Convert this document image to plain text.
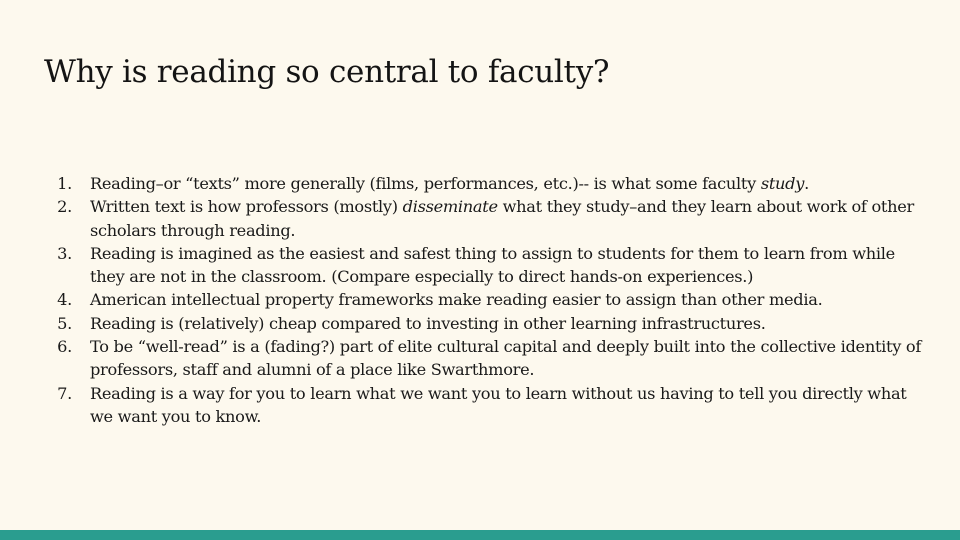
Why is reading so central to faculty?
1. Reading–or “texts” more generally (films, performances, etc.)-- is what some faculty study.
2. Written text is how professors (mostly) disseminate what they study–and they learn about work of other scholars through reading.
3. Reading is imagined as the easiest and safest thing to assign to students for them to learn from while they are not in the classroom. (Compare especially to direct hands-on experiences.)
4. American intellectual property frameworks make reading easier to assign than other media.
5. Reading is (relatively) cheap compared to investing in other learning infrastructures.
6. To be “well-read” is a (fading?) part of elite cultural capital and deeply built into the collective identity of professors, staff and alumni of a place like Swarthmore.
7. Reading is a way for you to learn what we want you to learn without us having to tell you directly what we want you to know.
